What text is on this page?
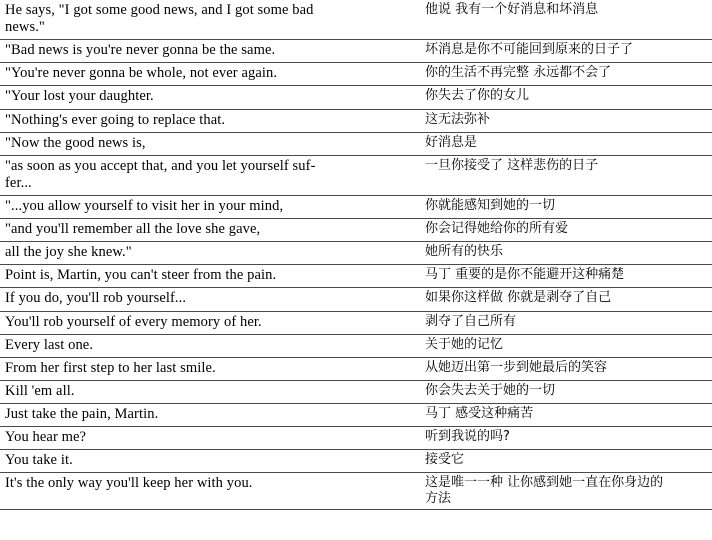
He says, "I got some good news, and I got some bad
news."	他说 我有一个好消息和坏消息
"Bad news is you're never gonna be the same.	坏消息是你不可能回到原来的日子了
"You're never gonna be whole, not ever again.	你的生活不再完整 永远都不会了
"Your lost your daughter.	你失去了你的女儿
"Nothing's ever going to replace that.	这无法弥补
"Now the good news is,	好消息是
"as soon as you accept that, and you let yourself suf-
fer...	一旦你接受了 这样悲伤的日子
"...you allow yourself to visit her in your mind,	你就能感知到她的一切
"and you'll remember all the love she gave,	你会记得她给你的所有爱
all the joy she knew."	她所有的快乐
Point is, Martin, you can't steer from the pain.	马丁 重要的是你不能避开这种痛楚
If you do, you'll rob yourself...	如果你这样做 你就是剥夺了自己
You'll rob yourself of every memory of her.	剥夺了自己所有
Every last one.	关于她的记忆
From her first step to her last smile.	从她迈出第一步到她最后的笑容
Kill 'em all.	你会失去关于她的一切
Just take the pain, Martin.	马丁 感受这种痛苦
You hear me?	听到我说的吗?
You take it.	接受它
It's the only way you'll keep her with you.	这是唯一一种 让你感到她一直在你身边的
方法
